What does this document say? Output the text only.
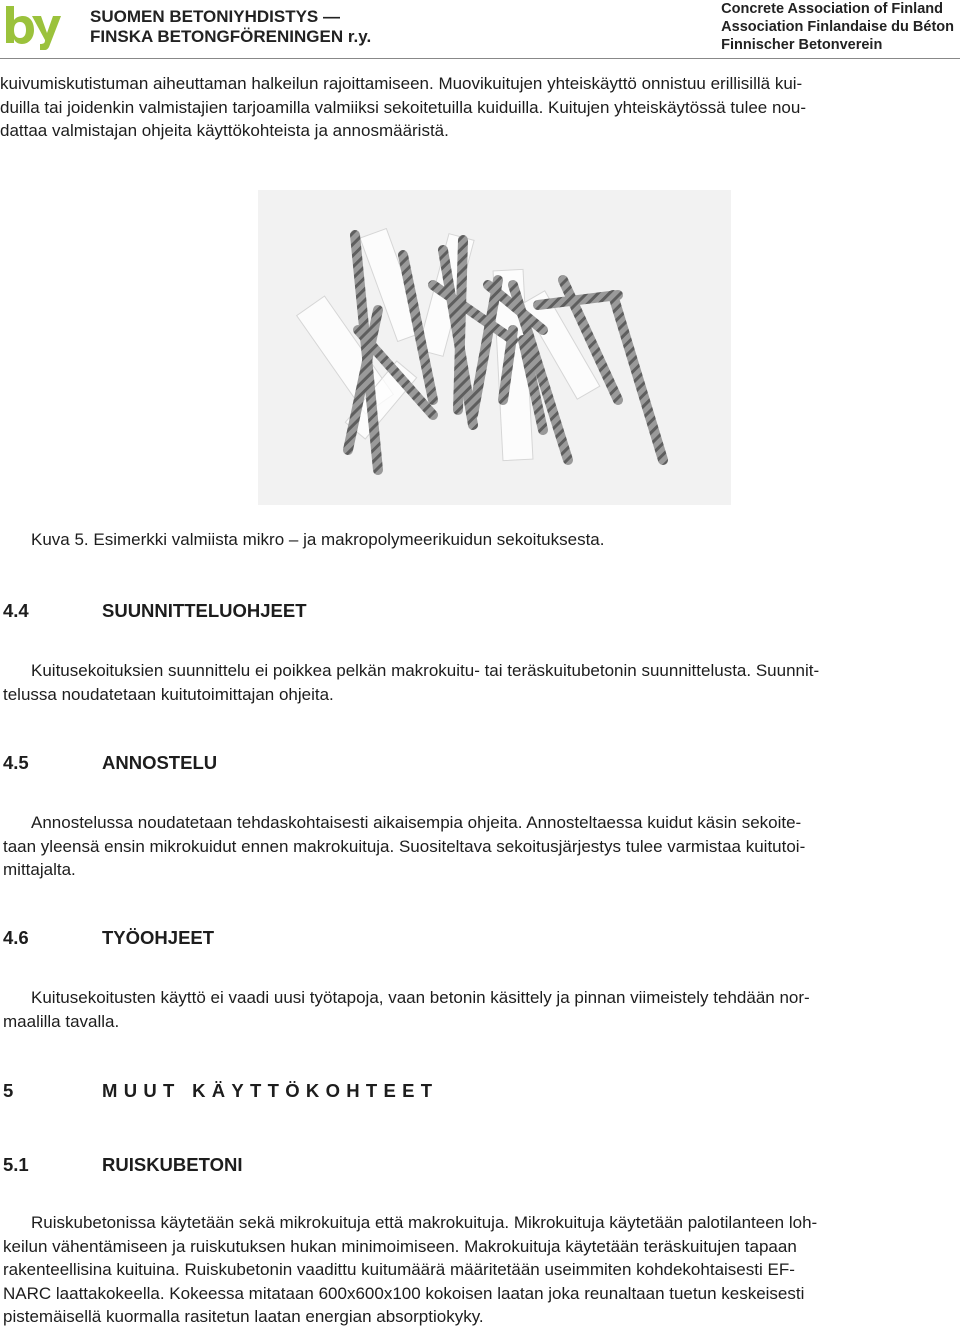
SUOMEN BETONIYHDISTYS —
FINSKA BETONGFÖRENINGEN r.y.
Concrete Association of Finland
Association Finlandaise du Béton
Finnischer Betonverein
kuivumiskutistuman aiheuttaman halkeilun rajoittamiseen. Muovikuitujen yhteiskäyttö onnistuu erillisillä kui-
duilla tai joidenkin valmistajien tarjoamilla valmiiksi sekoitetuilla kuiduilla. Kuitujen yhteiskäytössä tulee nou-
dattaa valmistajan ohjeita käyttökohteista ja annosmääristä.
Kuva 5. Esimerkki valmiista mikro – ja makropolymeerikuidun sekoituksesta.
4.4	SUUNNITTELUOHJEET
Kuitusekoituksien suunnittelu ei poikkea pelkän makrokuitu- tai teräskuitubetonin suunnittelusta. Suunnit-
telussa noudatetaan kuitutoimittajan ohjeita.
4.5	ANNOSTELU
Annostelussa noudatetaan tehdaskohtaisesti aikaisempia ohjeita. Annosteltaessa kuidut käsin sekoite-
taan yleensä ensin mikrokuidut ennen makrokuituja. Suositeltava sekoitusjärjestys tulee varmistaa kuitutoi-
mittajalta.
4.6	TYÖOHJEET
Kuitusekoitusten käyttö ei vaadi uusi työtapoja, vaan betonin käsittely ja pinnan viimeistely tehdään nor-
maalilla tavalla.
5	MUUT KÄYTTÖKOHTEET
5.1	RUISKUBETONI
Ruiskubetonissa käytetään sekä mikrokuituja että makrokuituja. Mikrokuituja käytetään palotilanteen loh-
keilun vähentämiseen ja ruiskutuksen hukan minimoimiseen. Makrokuituja käytetään teräskuitujen tapaan
rakenteellisina kuituina. Ruiskubetonin vaadittu kuitumäärä määritetään useimmiten kohdekohtaisesti EF-
NARC laattakokeella. Kokeessa mitataan 600x600x100 kokoisen laatan joka reunaltaan tuetun keskeisesti
pistemäisellä kuormalla rasitetun laatan energian absorptiokyky.
